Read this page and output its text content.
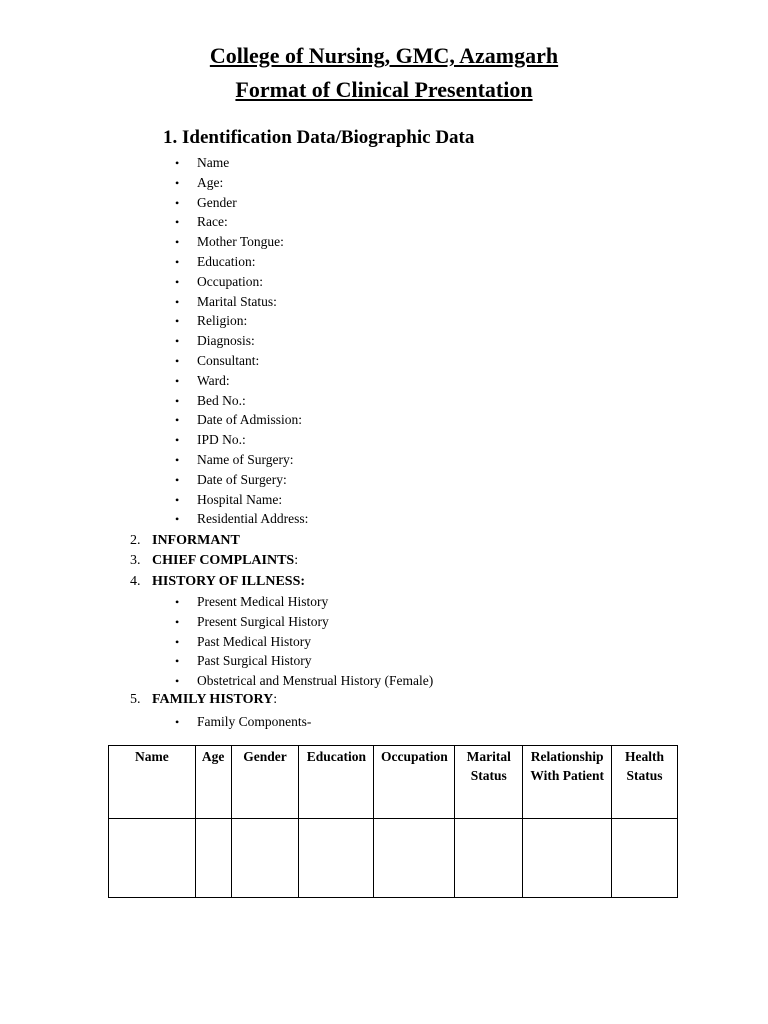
College of Nursing, GMC, Azamgarh
Format of Clinical Presentation
1. Identification Data/Biographic Data
• Name
• Age:
• Gender
• Race:
• Mother Tongue:
• Education:
• Occupation:
• Marital Status:
• Religion:
• Diagnosis:
• Consultant:
• Ward:
• Bed No.:
• Date of Admission:
• IPD No.:
• Name of Surgery:
• Date of Surgery:
• Hospital Name:
• Residential Address:
2. INFORMANT
3. CHIEF COMPLAINTS:
4. HISTORY OF ILLNESS:
• Present Medical History
• Present Surgical History
• Past Medical History
• Past Surgical History
• Obstetrical and Menstrual History (Female)
5. FAMILY HISTORY:
• Family Components-
Name	Age	Gender	Education	Occupation	Marital Status	Relationship With Patient	Health Status
